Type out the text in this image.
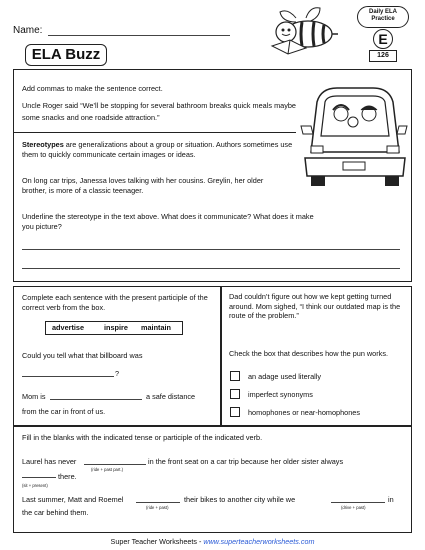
Name:
ELA Buzz
Daily ELA
Practice
E
126
Add commas to make the sentence correct.
Uncle Roger said “We’ll be stopping for several bathroom breaks quick meals maybe some snacks and one roadside attraction.”
Stereotypes are generalizations about a group or situation. Authors sometimes use them to quickly communicate certain images or ideas.
On long car trips, Janessa loves talking with her cousins. Greylin, her older brother, is more of a classic teenager.
Underline the stereotype in the text above. What does it communicate? What does it make you picture?
Complete each sentence with the present participle of the correct verb from the box.
advertise	inspire maintain
Could you tell what that billboard was
?
Mom is	a safe distance
from the car in front of us.
Dad couldn’t figure out how we kept getting turned around. Mom sighed, “I think our outdated map is the route of the problem.”
Check the box that describes how the pun works.
an adage used literally
imperfect synonyms
homophones or near-homophones
Fill in the blanks with the indicated tense or participle of the indicated verb.
Laurel has never
(ride + past part.)
in the front seat on a car trip because her older sister always
there.
(sit + present)
Last summer, Matt and Roemel
(ride + past)
their bikes to another city while we
(drive + past)
in
the car behind them.
Super Teacher Worksheets - www.superteacherworksheets.com
